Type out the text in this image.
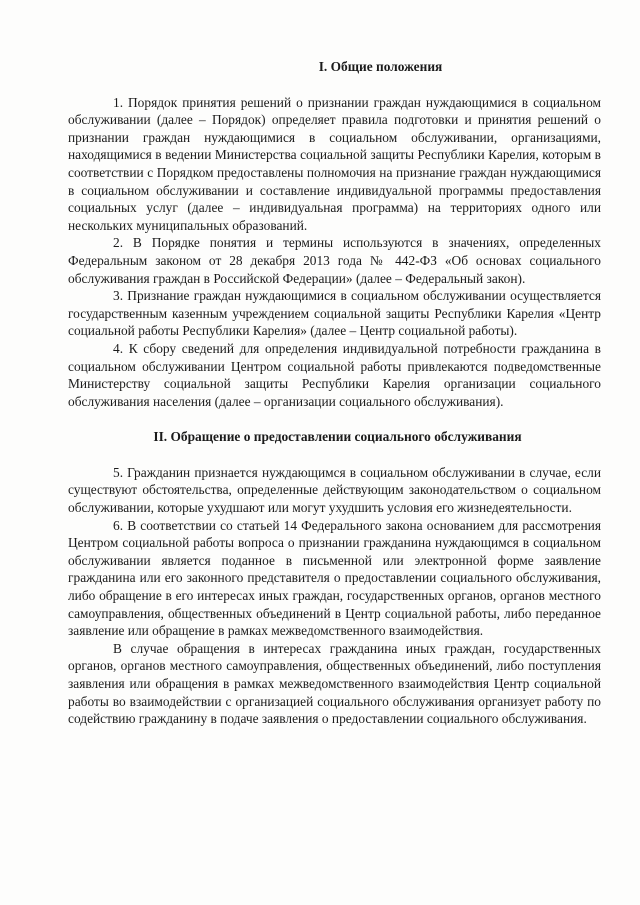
I. Общие положения

1. Порядок принятия решений о признании граждан нуждающимися в социальном обслуживании (далее – Порядок) определяет правила подготовки и принятия решений о признании граждан нуждающимися в социальном обслуживании, организациями, находящимися в ведении Министерства социальной защиты Республики Карелия, которым в соответствии с Порядком предоставлены полномочия на признание граждан нуждающимися в социальном обслуживании и составление индивидуальной программы предоставления социальных услуг (далее – индивидуальная программа) на территориях одного или нескольких муниципальных образований.

2. В Порядке понятия и термины используются в значениях, определенных Федеральным законом от 28 декабря 2013 года № 442-ФЗ «Об основах социального обслуживания граждан в Российской Федерации» (далее – Федеральный закон).

3. Признание граждан нуждающимися в социальном обслуживании осуществляется государственным казенным учреждением социальной защиты Республики Карелия «Центр социальной работы Республики Карелия» (далее – Центр социальной работы).

4. К сбору сведений для определения индивидуальной потребности гражданина в социальном обслуживании Центром социальной работы привлекаются подведомственные Министерству социальной защиты Республики Карелия организации социального обслуживания населения (далее – организации социального обслуживания).

II. Обращение о предоставлении социального обслуживания

5. Гражданин признается нуждающимся в социальном обслуживании в случае, если существуют обстоятельства, определенные действующим законодательством о социальном обслуживании, которые ухудшают или могут ухудшить условия его жизнедеятельности.

6. В соответствии со статьей 14 Федерального закона основанием для рассмотрения Центром социальной работы вопроса о признании гражданина нуждающимся в социальном обслуживании является поданное в письменной или электронной форме заявление гражданина или его законного представителя о предоставлении социального обслуживания, либо обращение в его интересах иных граждан, государственных органов, органов местного самоуправления, общественных объединений в Центр социальной работы, либо переданное заявление или обращение в рамках межведомственного взаимодействия.

В случае обращения в интересах гражданина иных граждан, государственных органов, органов местного самоуправления, общественных объединений, либо поступления заявления или обращения в рамках межведомственного взаимодействия Центр социальной работы во взаимодействии с организацией социального обслуживания организует работу по содействию гражданину в подаче заявления о предоставлении социального обслуживания.
